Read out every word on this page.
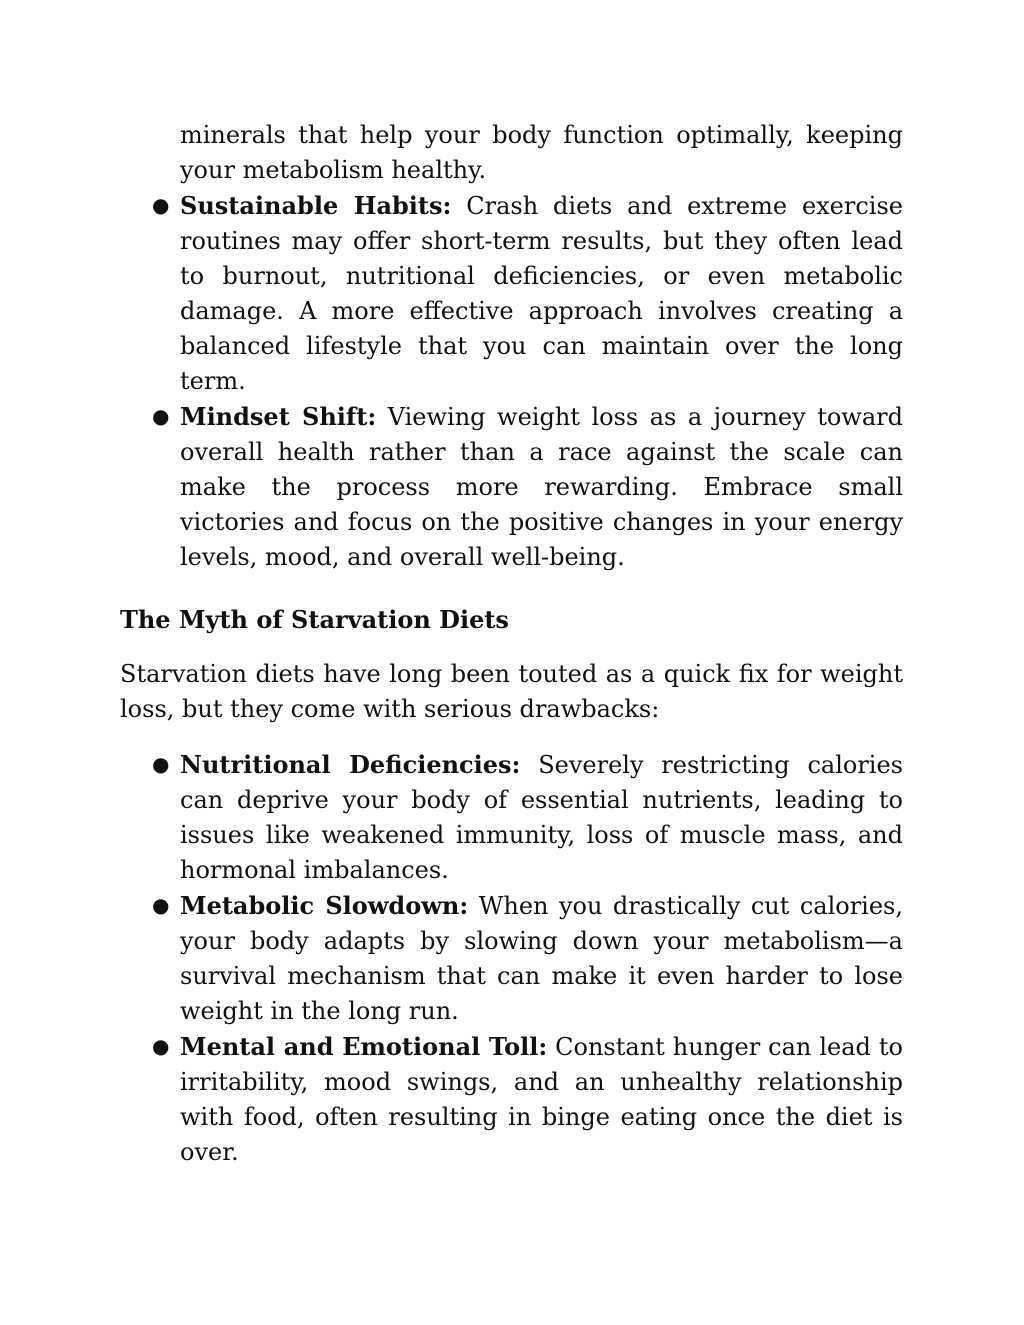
minerals that help your body function optimally, keeping your metabolism healthy.

● Sustainable Habits: Crash diets and extreme exercise routines may offer short-term results, but they often lead to burnout, nutritional deficiencies, or even metabolic damage. A more effective approach involves creating a balanced lifestyle that you can maintain over the long term.
● Mindset Shift: Viewing weight loss as a journey toward overall health rather than a race against the scale can make the process more rewarding. Embrace small victories and focus on the positive changes in your energy levels, mood, and overall well-being.
The Myth of Starvation Diets

Starvation diets have long been touted as a quick fix for weight loss, but they come with serious drawbacks:

● Nutritional Deficiencies: Severely restricting calories can deprive your body of essential nutrients, leading to issues like weakened immunity, loss of muscle mass, and hormonal imbalances.
● Metabolic Slowdown: When you drastically cut calories, your body adapts by slowing down your metabolism—a survival mechanism that can make it even harder to lose weight in the long run.
● Mental and Emotional Toll: Constant hunger can lead to irritability, mood swings, and an unhealthy relationship with food, often resulting in binge eating once the diet is over.
